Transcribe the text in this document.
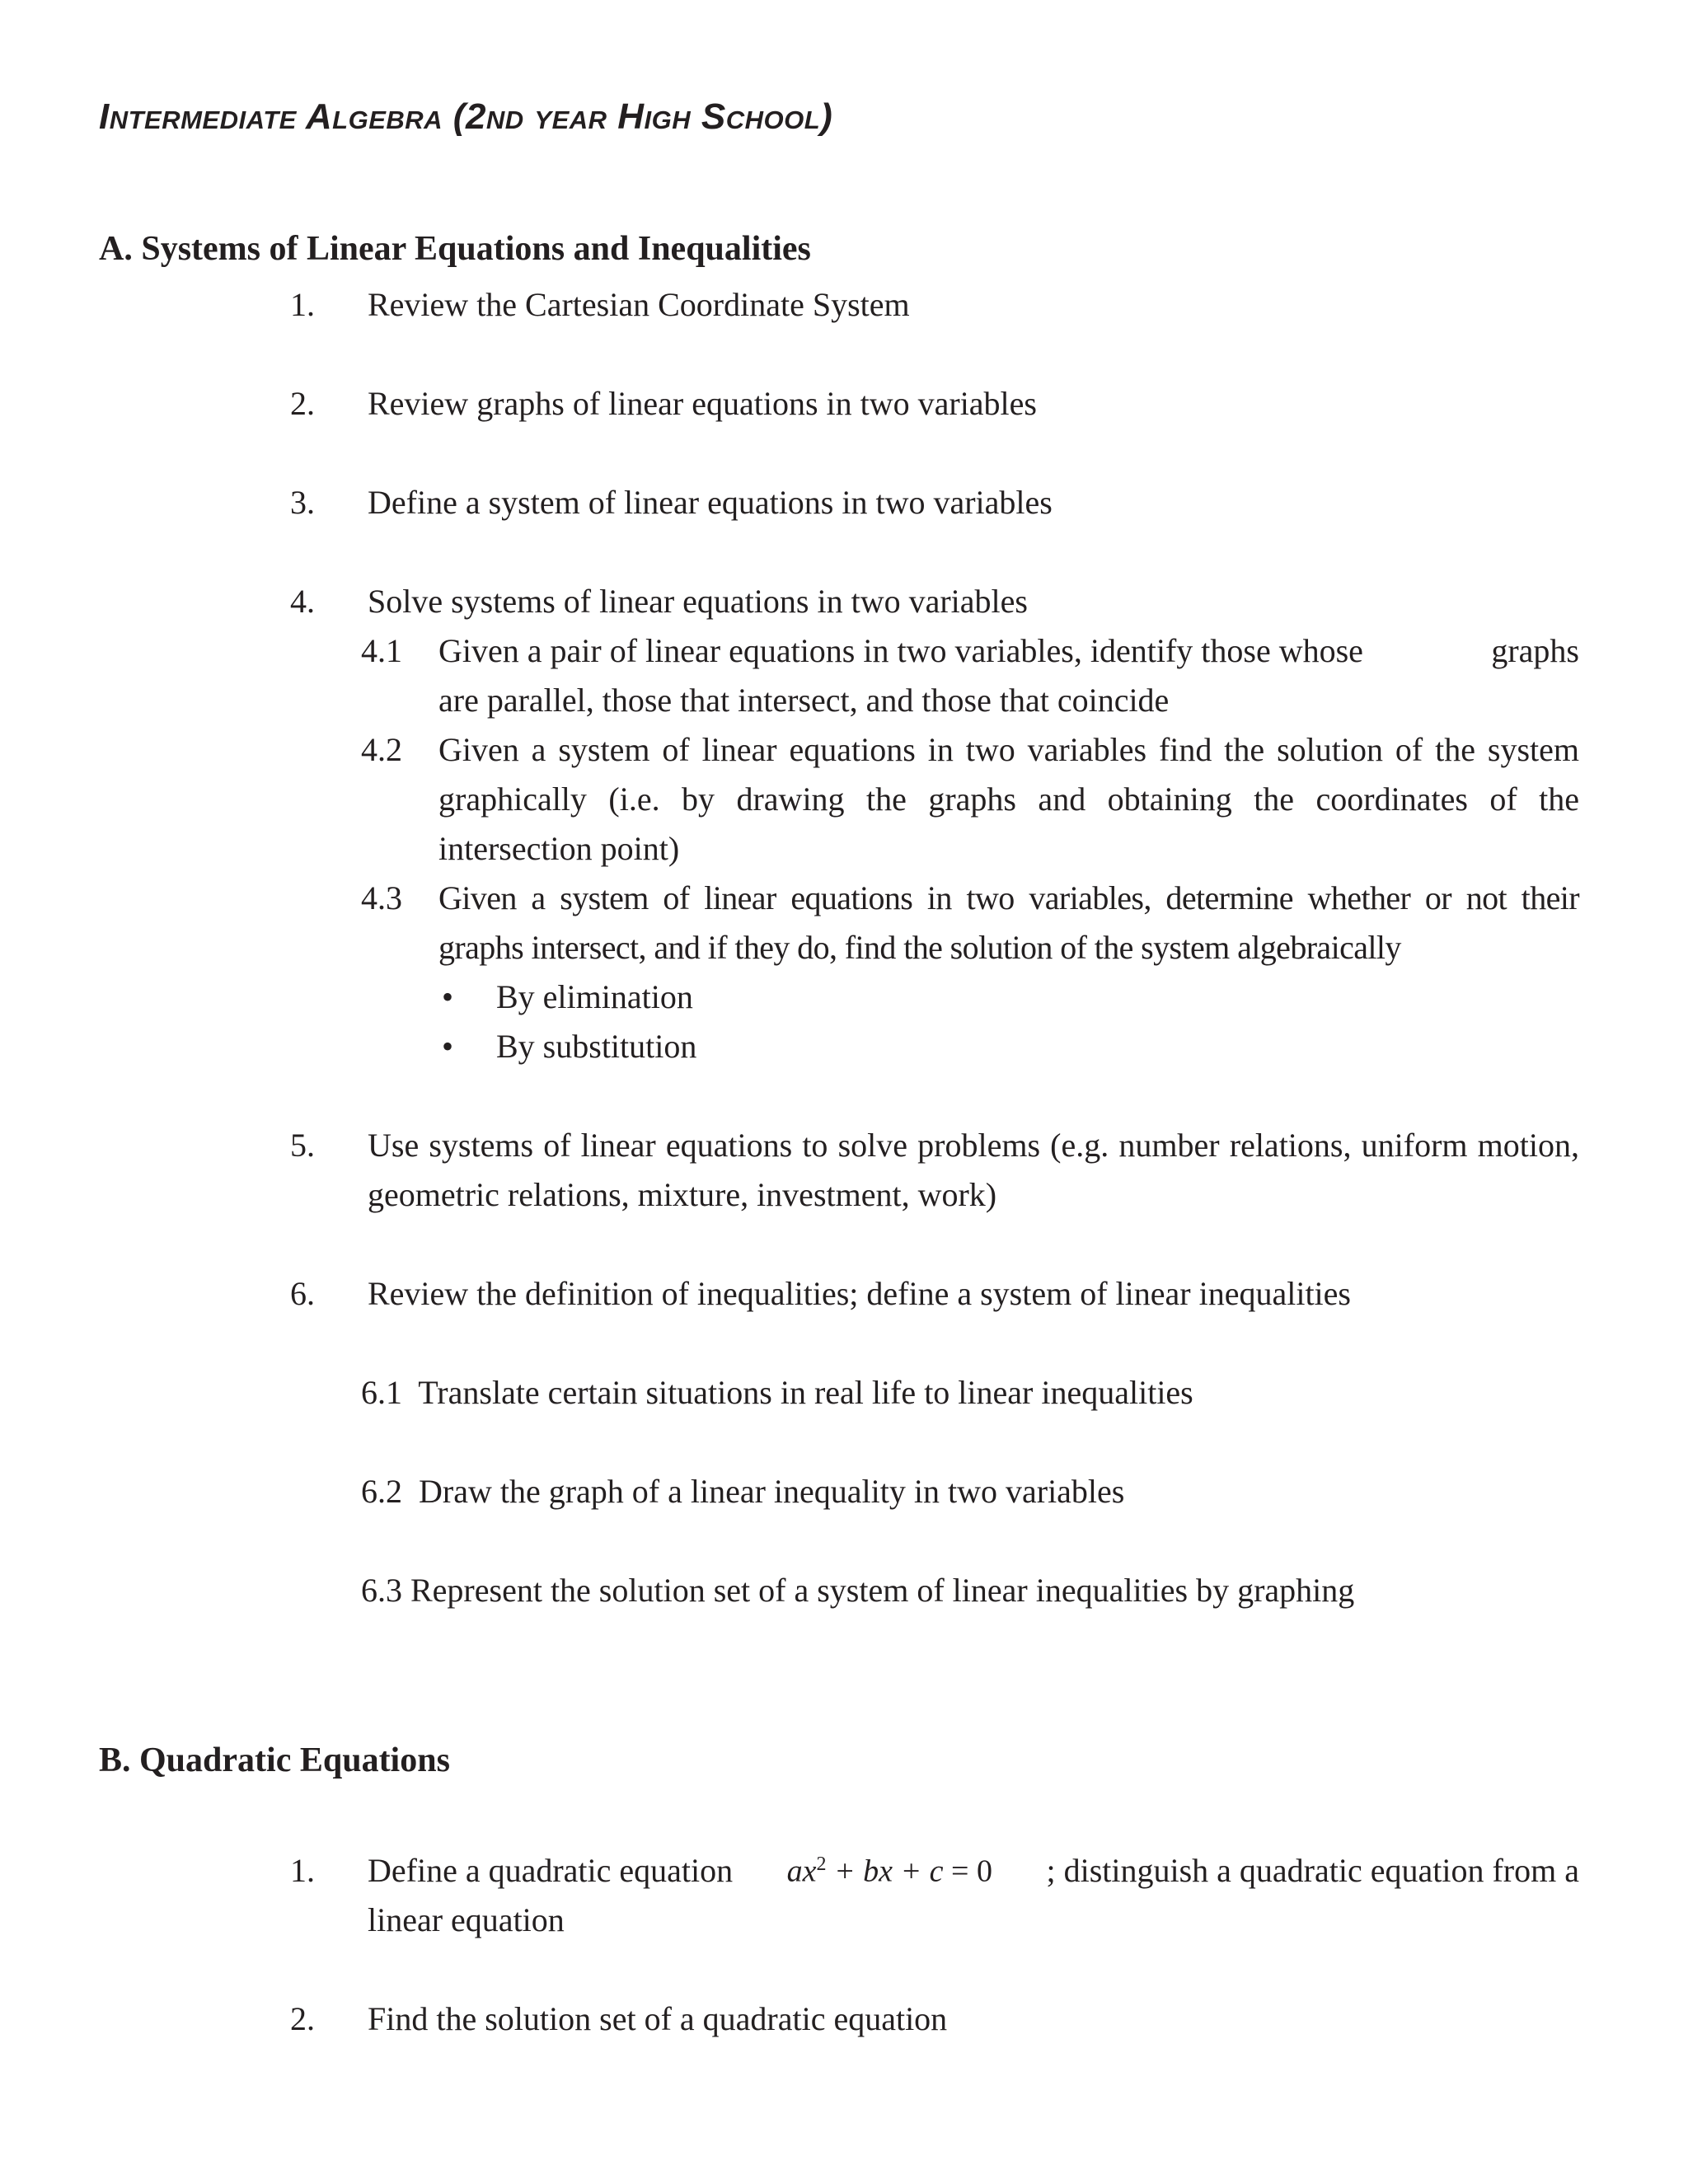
Intermediate Algebra (2nd year High School)
A. Systems of Linear Equations and Inequalities
1. Review the Cartesian Coordinate System
2. Review graphs of linear equations in two variables
3. Define a system of linear equations in two variables
4. Solve systems of linear equations in two variables
4.1 Given a pair of linear equations in two variables, identify those whose	graphs
are parallel, those that intersect, and those that coincide
4.2 Given a system of linear equations in two variables find the solution of the system graphically (i.e. by drawing the graphs and obtaining the coordinates of the intersection point)
4.3 Given a system of linear equations in two variables, determine whether or not their graphs intersect, and if they do, find the solution of the system algebraically
• By elimination
• By substitution
5. Use systems of linear equations to solve problems (e.g. number relations, uniform motion, geometric relations, mixture, investment, work)
6. Review the definition of inequalities; define a system of linear inequalities
6.1 Translate certain situations in real life to linear inequalities
6.2 Draw the graph of a linear inequality in two variables
6.3 Represent the solution set of a system of linear inequalities by graphing
B. Quadratic Equations
1. Define a quadratic equation $ax^2$ + bx + c = 0 ; distinguish a quadratic equation from a
linear equation
2. Find the solution set of a quadratic equation
